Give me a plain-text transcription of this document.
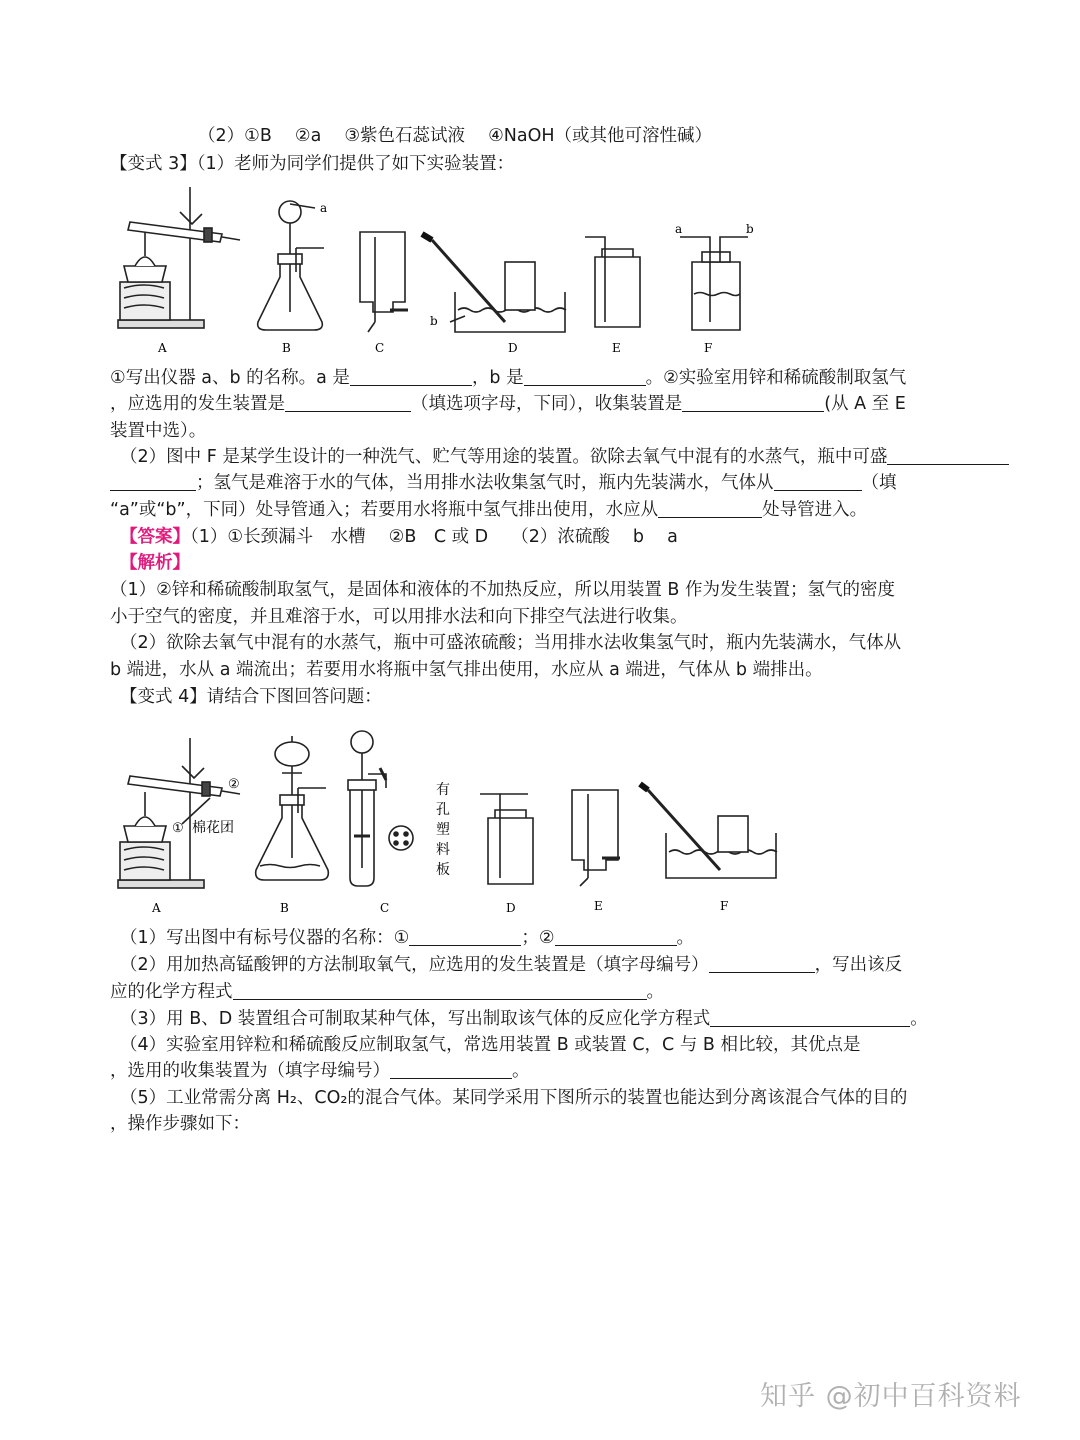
（2）①B　 ②a　 ③紫色石蕊试液　 ④NaOH（或其他可溶性碱）
【变式 3】（1）老师为同学们提供了如下实验装置：
a
b
a	b
A	B	C	D	E	F
①写出仪器 a、b 的名称。a 是	，b 是	。②实验室用锌和稀硫酸制取氢气
，应选用的发生装置是	（填选项字母，下同），收集装置是	(从 A 至 E
装置中选）。
（2）图中 F 是某学生设计的一种洗气、贮气等用途的装置。欲除去氧气中混有的水蒸气，瓶中可盛
；氢气是难溶于水的气体，当用排水法收集氢气时，瓶内先装满水，气体从	（填
“a”或“b”，下同）处导管通入；若要用水将瓶中氢气排出使用，水应从	处导管进入。
【答案】（1）①长颈漏斗　水槽　 ②B　C 或 D　 （2）浓硫酸　 b　 a
【解析】
（1）②锌和稀硫酸制取氢气，是固体和液体的不加热反应，所以用装置 B 作为发生装置；氢气的密度
小于空气的密度，并且难溶于水，可以用排水法和向下排空气法进行收集。
（2）欲除去氧气中混有的水蒸气，瓶中可盛浓硫酸；当用排水法收集氢气时，瓶内先装满水，气体从
b 端进，水从 a 端流出；若要用水将瓶中氢气排出使用，水应从 a 端进，气体从 b 端排出。
【变式 4】请结合下图回答问题：
②
① 棉花团
有
孔
塑
料
板
A	B	C	D	E	F
（1）写出图中有标号仪器的名称：①	；②	。
（2）用加热高锰酸钾的方法制取氧气，应选用的发生装置是（填字母编号）	，写出该反
应的化学方程式	。
（3）用 B、D 装置组合可制取某种气体，写出制取该气体的反应化学方程式	。
（4）实验室用锌粒和稀硫酸反应制取氢气，常选用装置 B 或装置 C，C 与 B 相比较，其优点是
，选用的收集装置为（填字母编号）	。
（5）工业常需分离 H₂、CO₂的混合气体。某同学采用下图所示的装置也能达到分离该混合气体的目的
，操作步骤如下：
知乎 @初中百科资料
